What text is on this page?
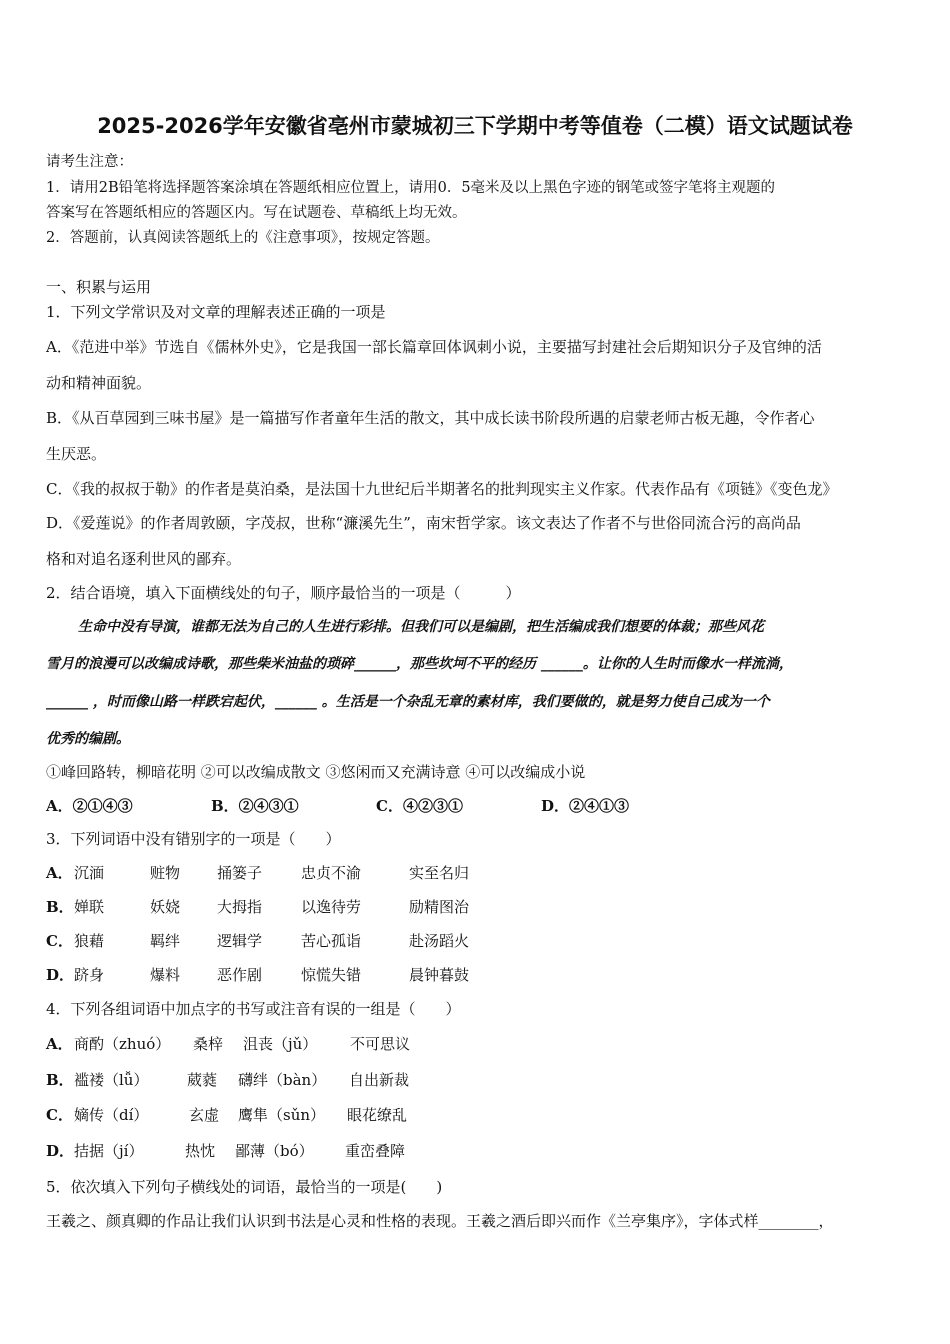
2025-2026学年安徽省亳州市蒙城初三下学期中考等值卷（二模）语文试题试卷
请考生注意：
1．请用2B铅笔将选择题答案涂填在答题纸相应位置上，请用0．5毫米及以上黑色字迹的钢笔或签字笔将主观题的
答案写在答题纸相应的答题区内。写在试题卷、草稿纸上均无效。
2．答题前，认真阅读答题纸上的《注意事项》，按规定答题。
一、积累与运用
1．下列文学常识及对文章的理解表述正确的一项是
A．《范进中举》节选自《儒林外史》，它是我国一部长篇章回体讽刺小说，主要描写封建社会后期知识分子及官绅的活
动和精神面貌。
B．《从百草园到三味书屋》是一篇描写作者童年生活的散文，其中成长读书阶段所遇的启蒙老师古板无趣，令作者心
生厌恶。
C．《我的叔叔于勒》的作者是莫泊桑，是法国十九世纪后半期著名的批判现实主义作家。代表作品有《项链》《变色龙》
D．《爱莲说》的作者周敦颐，字茂叔，世称“濂溪先生”，南宋哲学家。该文表达了作者不与世俗同流合污的高尚品
格和对追名逐利世风的鄙弃。
2．结合语境，填入下面横线处的句子，顺序最恰当的一项是（　　　）
生命中没有导演，谁都无法为自己的人生进行彩排。但我们可以是编剧，把生活编成我们想要的体裁；那些风花
雪月的浪漫可以改编成诗歌，那些柴米油盐的琐碎______，那些坎坷不平的经历 ______。让你的人生时而像水一样流淌，
______ ，时而像山路一样跌宕起伏，______ 。生活是一个杂乱无章的素材库，我们要做的，就是努力使自己成为一个
优秀的编剧。
①峰回路转，柳暗花明 ②可以改编成散文 ③悠闲而又充满诗意 ④可以改编成小说
A．②①④③	B．②④③①	C．④②③①	D．②④①③
3．下列词语中没有错别字的一项是（　　）
A． 沉湎	赃物 捅篓子	忠贞不渝	实至名归
B． 婵联	妖娆 大拇指	以逸待劳	励精图治
C． 狼藉	羁绊 逻辑学	苦心孤诣	赴汤蹈火
D． 跻身	爆料 恶作剧	惊慌失错	晨钟暮鼓
4．下列各组词语中加点字的书写或注音有误的一组是（　　）
A． 商酌（zhuó） 桑梓 沮丧（jǔ） 不可思议
B． 褴褛（lǚ）	葳蕤 礴绊（bàn） 自出新裁
C． 嫡传（dí）	玄虚 鹰隼（sǔn） 眼花缭乱
D． 拮据（jí）	热忱 鄙薄（bó） 重峦叠障
5．依次填入下列句子横线处的词语，最恰当的一项是(　　)
王羲之、颜真卿的作品让我们认识到书法是心灵和性格的表现。王羲之酒后即兴而作《兰亭集序》，字体式样________，
